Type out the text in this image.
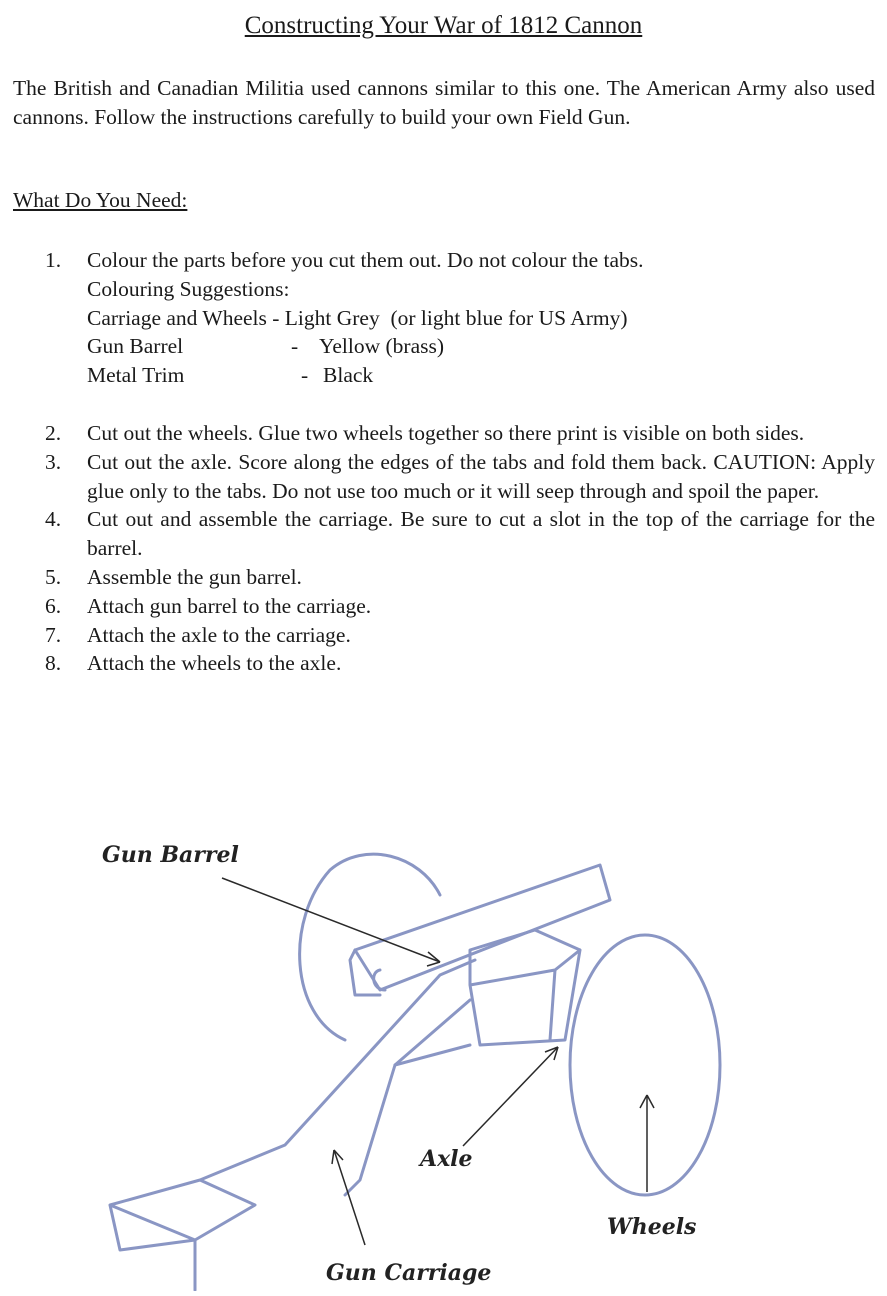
Constructing Your War of 1812 Cannon
The British and Canadian Militia used cannons similar to this one. The American Army also used cannons. Follow the instructions carefully to build your own Field Gun.
What Do You Need:
1. Colour the parts before you cut them out. Do not colour the tabs.
Colouring Suggestions:
Carriage and Wheels - Light Grey  (or light blue for US Army)
Gun Barrel	- Yellow (brass)
Metal Trim	- Black
2. Cut out the wheels. Glue two wheels together so there print is visible on both sides.
3. Cut out the axle. Score along the edges of the tabs and fold them back. CAUTION: Apply glue only to the tabs. Do not use too much or it will seep through and spoil the paper.
4. Cut out and assemble the carriage. Be sure to cut a slot in the top of the carriage for the barrel.
5. Assemble the gun barrel.
6. Attach gun barrel to the carriage.
7. Attach the axle to the carriage.
8. Attach the wheels to the axle.
Gun Barrel
Axle
Wheels
Gun Carriage
